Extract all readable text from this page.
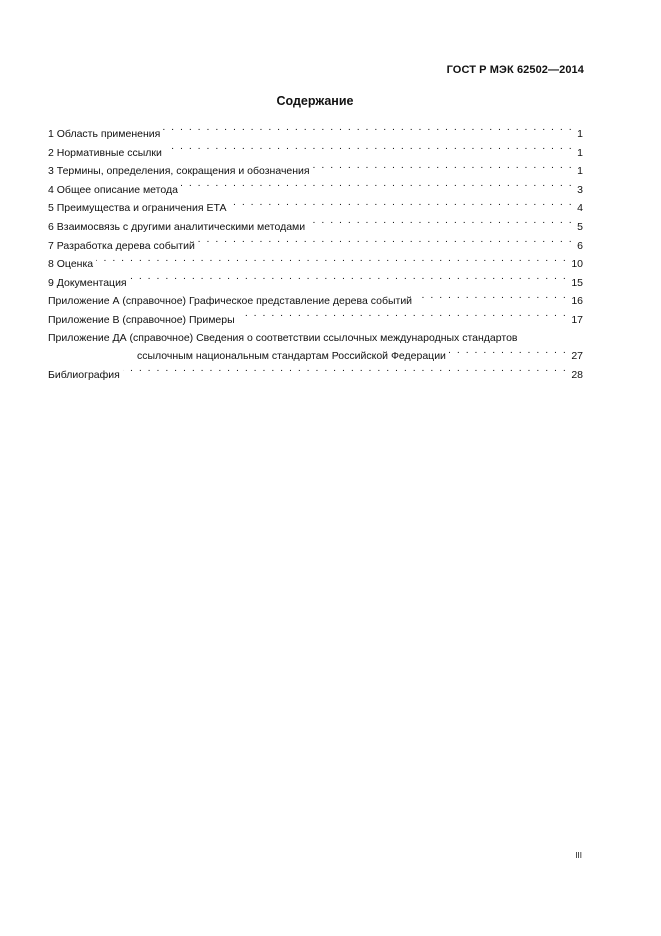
ГОСТ Р МЭК 62502—2014
Содержание
1 Область применения . . .	1
2 Нормативные ссылки . . .	1
3 Термины, определения, сокращения и обозначения . . .	1
4 Общее описание метода . . .	3
5 Преимущества и ограничения ЕТА . . .	4
6 Взаимосвязь с другими аналитическими методами . . .	5
7 Разработка дерева событий . . .	6
8 Оценка . . .	10
9 Документация . . .	15
Приложение А (справочное) Графическое представление дерева событий . . .	16
Приложение В (справочное) Примеры . . .	17
Приложение ДА (справочное) Сведения о соответствии ссылочных международных стандартов
ссылочным национальным стандартам Российской Федерации . . .	27
Библиография . . .	28
III
